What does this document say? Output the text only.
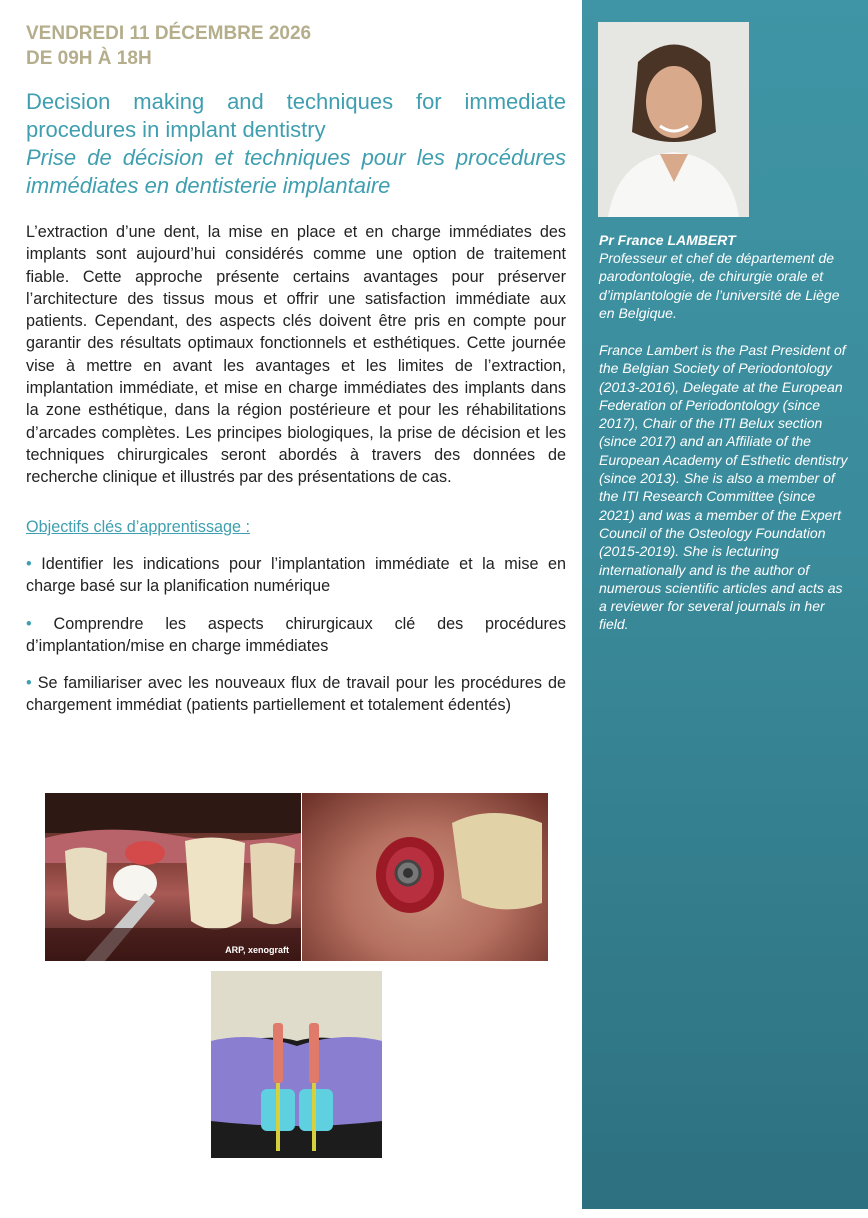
VENDREDI 11 DÉCEMBRE 2026
DE 09H À 18H
Decision making and techniques for immediate procedures in implant dentistry
Prise de décision et techniques pour les procédures immédiates en dentisterie implantaire

L’extraction d’une dent, la mise en place et en charge immédiates des implants sont aujourd’hui considérés comme une option de traitement fiable. Cette approche présente certains avantages pour préserver l’architecture des tissus mous et offrir une satisfaction immédiate aux patients. Cependant, des aspects clés doivent être pris en compte pour garantir des résultats optimaux fonctionnels et esthétiques. Cette journée vise à mettre en avant les avantages et les limites de l’extraction, implantation immédiate, et mise en charge immédiates des implants dans la zone esthétique, dans la région postérieure et pour les réhabilitations d’arcades complètes. Les principes biologiques, la prise de décision et les techniques chirurgicales seront abordés à travers des données de recherche clinique et illustrés par des présentations de cas.

Objectifs clés d’apprentissage :
• Identifier les indications pour l’implantation immédiate et la mise en charge basé sur la planification numérique
• Comprendre les aspects chirurgicaux clé des procédures d’implantation/mise en charge immédiates
• Se familiariser avec les nouveaux flux de travail pour les procédures de chargement immédiat (patients partiellement et totalement édentés)
ARP, xenograft
Pr France LAMBERT

Professeur et chef de département de parodontologie, de chirurgie orale et d’implantologie de l’université de Liège en Belgique.

France Lambert is the Past President of the Belgian Society of Periodontology (2013-2016), Delegate at the European Federation of Periodontology (since 2017), Chair of the ITI Belux section (since 2017) and an Affiliate of the European Academy of Esthetic dentistry (since 2013). She is also a member of the ITI Research Committee (since 2021) and was a member of the Expert Council of the Osteology Foundation (2015-2019). She is lecturing internationally and is the author of numerous scientific articles and acts as a reviewer for several journals in her field.
